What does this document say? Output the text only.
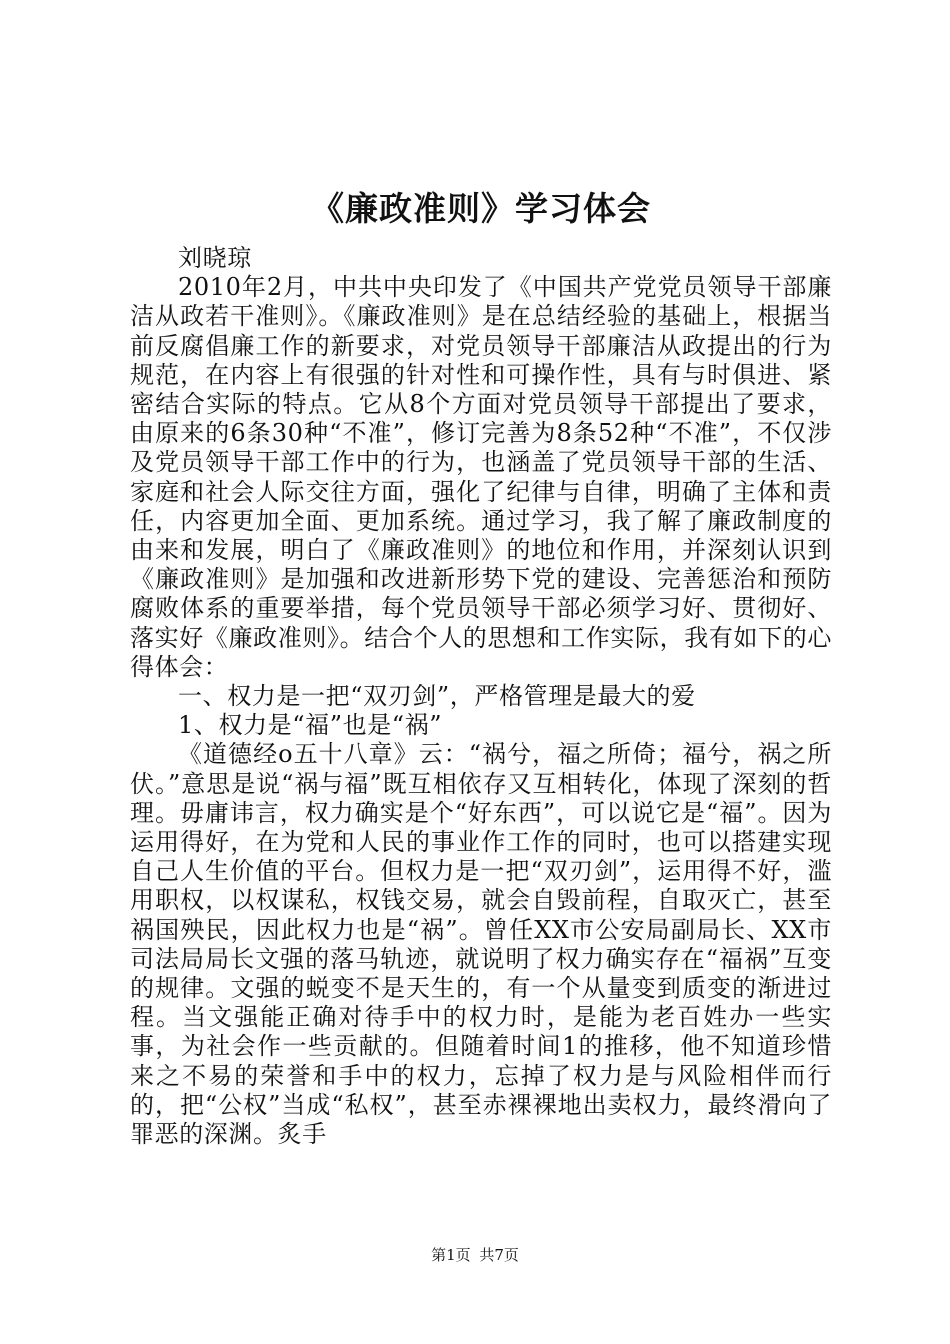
《廉政准则》学习体会

刘晓琼

2010年2月，中共中央印发了《中国共产党党员领导干部廉洁从政若干准则》。《廉政准则》是在总结经验的基础上，根据当前反腐倡廉工作的新要求，对党员领导干部廉洁从政提出的行为规范，在内容上有很强的针对性和可操作性，具有与时俱进、紧密结合实际的特点。它从8个方面对党员领导干部提出了要求，由原来的6条30种“不准”，修订完善为8条52种“不准”，不仅涉及党员领导干部工作中的行为，也涵盖了党员领导干部的生活、家庭和社会人际交往方面，强化了纪律与自律，明确了主体和责任，内容更加全面、更加系统。通过学习，我了解了廉政制度的由来和发展，明白了《廉政准则》的地位和作用，并深刻认识到《廉政准则》是加强和改进新形势下党的建设、完善惩治和预防腐败体系的重要举措，每个党员领导干部必须学习好、贯彻好、落实好《廉政准则》。结合个人的思想和工作实际，我有如下的心得体会：

一、权力是一把“双刃剑”，严格管理是最大的爱

1、权力是“福”也是“祸”

《道德经o五十八章》云：“祸兮，福之所倚；福兮，祸之所伏。”意思是说“祸与福”既互相依存又互相转化，体现了深刻的哲理。毋庸讳言，权力确实是个“好东西”，可以说它是“福”。因为运用得好，在为党和人民的事业作工作的同时，也可以搭建实现自己人生价值的平台。但权力是一把“双刃剑”，运用得不好，滥用职权，以权谋私，权钱交易，就会自毁前程，自取灭亡，甚至祸国殃民，因此权力也是“祸”。曾任XX市公安局副局长、XX市司法局局长文强的落马轨迹，就说明了权力确实存在“福祸”互变的规律。文强的蜕变不是天生的，有一个从量变到质变的渐进过程。当文强能正确对待手中的权力时，是能为老百姓办一些实事，为社会作一些贡献的。但随着时间1的推移，他不知道珍惜来之不易的荣誉和手中的权力，忘掉了权力是与风险相伴而行的，把“公权”当成“私权”，甚至赤裸裸地出卖权力，最终滑向了罪恶的深渊。炙手

第1页 共7页
